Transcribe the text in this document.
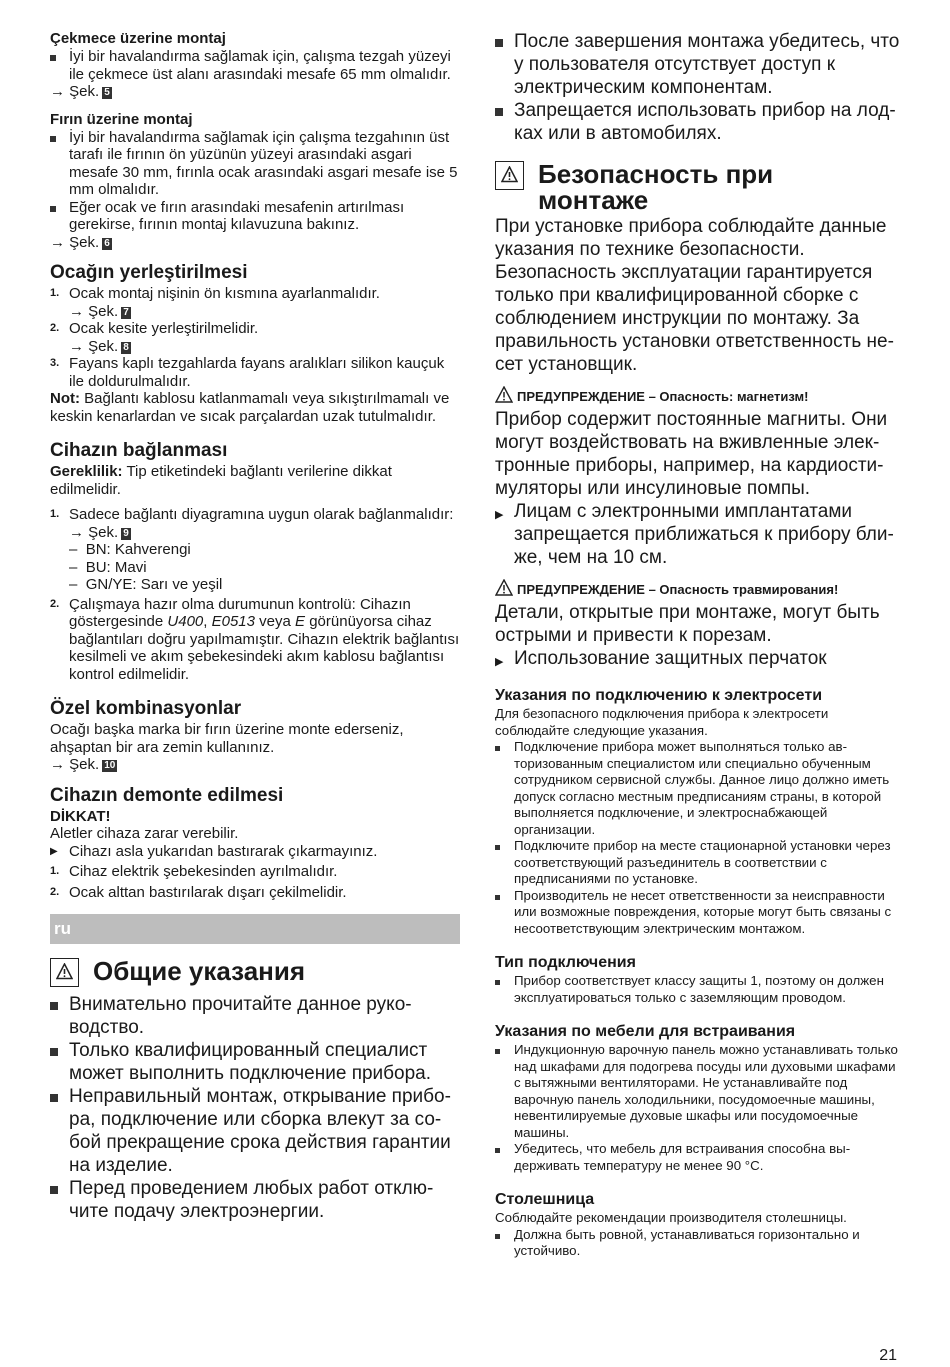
Çekmece üzerine montaj
İyi bir havalandırma sağlamak için, çalışma tezgah yüzeyi ile çekmece üst alanı arasındaki mesafe 65 mm olmalıdır.
→ Şek. 5
Fırın üzerine montaj
İyi bir havalandırma sağlamak için çalışma tezgahının üst tarafı ile fırının ön yüzünün yüzeyi arasındaki asgari mesafe 30 mm, fırınla ocak arasındaki asgari mesafe ise 5 mm olmalıdır.
Eğer ocak ve fırın arasındaki mesafenin artırılması gerekirse, fırının montaj kılavuzuna bakınız.
→ Şek. 6
Ocağın yerleştirilmesi
1. Ocak montaj nişinin ön kısmına ayarlanmalıdır.
→ Şek. 7
2. Ocak kesite yerleştirilmelidir.
→ Şek. 8
3. Fayans kaplı tezgahlarda fayans aralıkları silikon kauçuk ile doldurulmalıdır.
Not: Bağlantı kablosu katlanmamalı veya sıkıştırılmamalı ve keskin kenarlardan ve sıcak parçalardan uzak tutulmalıdır.
Cihazın bağlanması
Gereklilik: Tip etiketindeki bağlantı verilerine dikkat edilmelidir.
1. Sadece bağlantı diyagramına uygun olarak bağlanmalıdır:
→ Şek. 9
–  BN: Kahverengi
–  BU: Mavi
–  GN/YE: Sarı ve yeşil
2. Çalışmaya hazır olma durumunun kontrolü: Cihazın göstergesinde U400, E0513 veya E görünüyorsa cihaz bağlantıları doğru yapılmamıştır. Cihazın elektrik bağlantısı kesilmeli ve akım şebekesindeki akım kablosu bağlantısı kontrol edilmelidir.
Özel kombinasyonlar
Ocağı başka marka bir fırın üzerine monte ederseniz, ahşaptan bir ara zemin kullanınız.
→ Şek. 10
Cihazın demonte edilmesi
DİKKAT!
Aletler cihaza zarar verebilir.
▶ Cihazı asla yukarıdan bastırarak çıkarmayınız.
1. Cihaz elektrik şebekesinden ayrılmalıdır.
2. Ocak alttan bastırılarak dışarı çekilmelidir.
ru
Общие указания
Внимательно прочитайте данное руководство.
Только квалифицированный специалист может выполнить подключение прибора.
Неправильный монтаж, открывание прибора, подключение или сборка влекут за собой прекращение срока действия гарантии на изделие.
Перед проведением любых работ отключите подачу электроэнергии.
После завершения монтажа убедитесь, что у пользователя отсутствует доступ к электрическим компонентам.
Запрещается использовать прибор на лодках или в автомобилях.
Безопасность при монтаже
При установке прибора соблюдайте данные указания по технике безопасности. Безопасность эксплуатации гарантируется только при квалифицированной сборке с соблюдением инструкции по монтажу. За правильность установки ответственность несет установщик.
ПРЕДУПРЕЖДЕНИЕ – Опасность: магнетизм!
Прибор содержит постоянные магниты. Они могут воздействовать на вживленные электронные приборы, например, на кардиостимуляторы или инсулиновые помпы.
▶ Лицам с электронными имплантатами запрещается приближаться к прибору ближе, чем на 10 см.
ПРЕДУПРЕЖДЕНИЕ – Опасность травмирования!
Детали, открытые при монтаже, могут быть острыми и привести к порезам.
▶ Использование защитных перчаток
Указания по подключению к электросети
Для безопасного подключения прибора к электросети соблюдайте следующие указания.
Подключение прибора может выполняться только авторизованным специалистом или специально обученным сотрудником сервисной службы. Данное лицо должно иметь допуск согласно местным предписаниям страны, в которой выполняется подключение, и электроснабжающей организации.
Подключите прибор на месте стационарной установки через соответствующий разъединитель в соответствии с предписаниями по установке.
Производитель не несет ответственности за неисправности или возможные повреждения, которые могут быть связаны с несоответствующим электрическим монтажом.
Тип подключения
Прибор соответствует классу защиты 1, поэтому он должен эксплуатироваться только с заземляющим проводом.
Указания по мебели для встраивания
Индукционную варочную панель можно устанавливать только над шкафами для подогрева посуды или духовыми шкафами с вытяжными вентиляторами. Не устанавливайте под варочную панель холодильники, посудомоечные машины, невентилируемые духовые шкафы или посудомоечные машины.
Убедитесь, что мебель для встраивания способна выдерживать температуру не менее 90 °С.
Столешница
Соблюдайте рекомендации производителя столешницы.
Должна быть ровной, устанавливаться горизонтально и устойчиво.
21
